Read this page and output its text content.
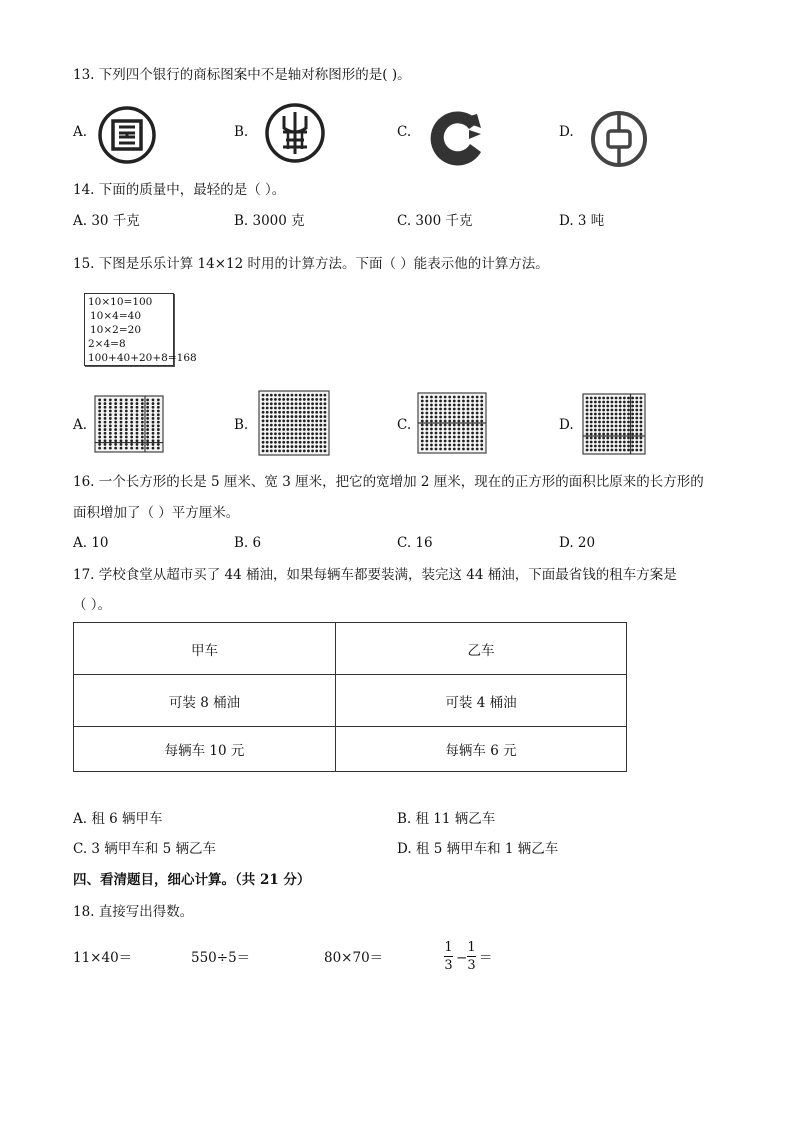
13. 下列四个银行的商标图案中不是轴对称图形的是( )。
A.	B.	C.	D.
14. 下面的质量中，最轻的是（ ）。
A. 30 千克	B. 3000 克	C. 300 千克	D. 3 吨
15. 下图是乐乐计算 14×12 时用的计算方法。下面（ ）能表示他的计算方法。
10×10=100
10×4=40
10×2=20
2×4=8
100+40+20+8=168
A.	B.	C.	D.
16. 一个长方形的长是 5 厘米、宽 3 厘米，把它的宽增加 2 厘米，现在的正方形的面积比原来的长方形的
面积增加了（ ）平方厘米。
A. 10	B. 6	C. 16	D. 20
17. 学校食堂从超市买了 44 桶油，如果每辆车都要装满，装完这 44 桶油，下面最省钱的租车方案是
（ ）。
甲车	乙车
可装 8 桶油	可装 4 桶油
每辆车 10 元	每辆车 6 元
A. 租 6 辆甲车	B. 租 11 辆乙车
C. 3 辆甲车和 5 辆乙车	D. 租 5 辆甲车和 1 辆乙车
四、看清题目，细心计算。（共 21 分）
18. 直接写出得数。
11×40＝	550÷5＝	80×70＝
1
3 −
1
3 ＝
